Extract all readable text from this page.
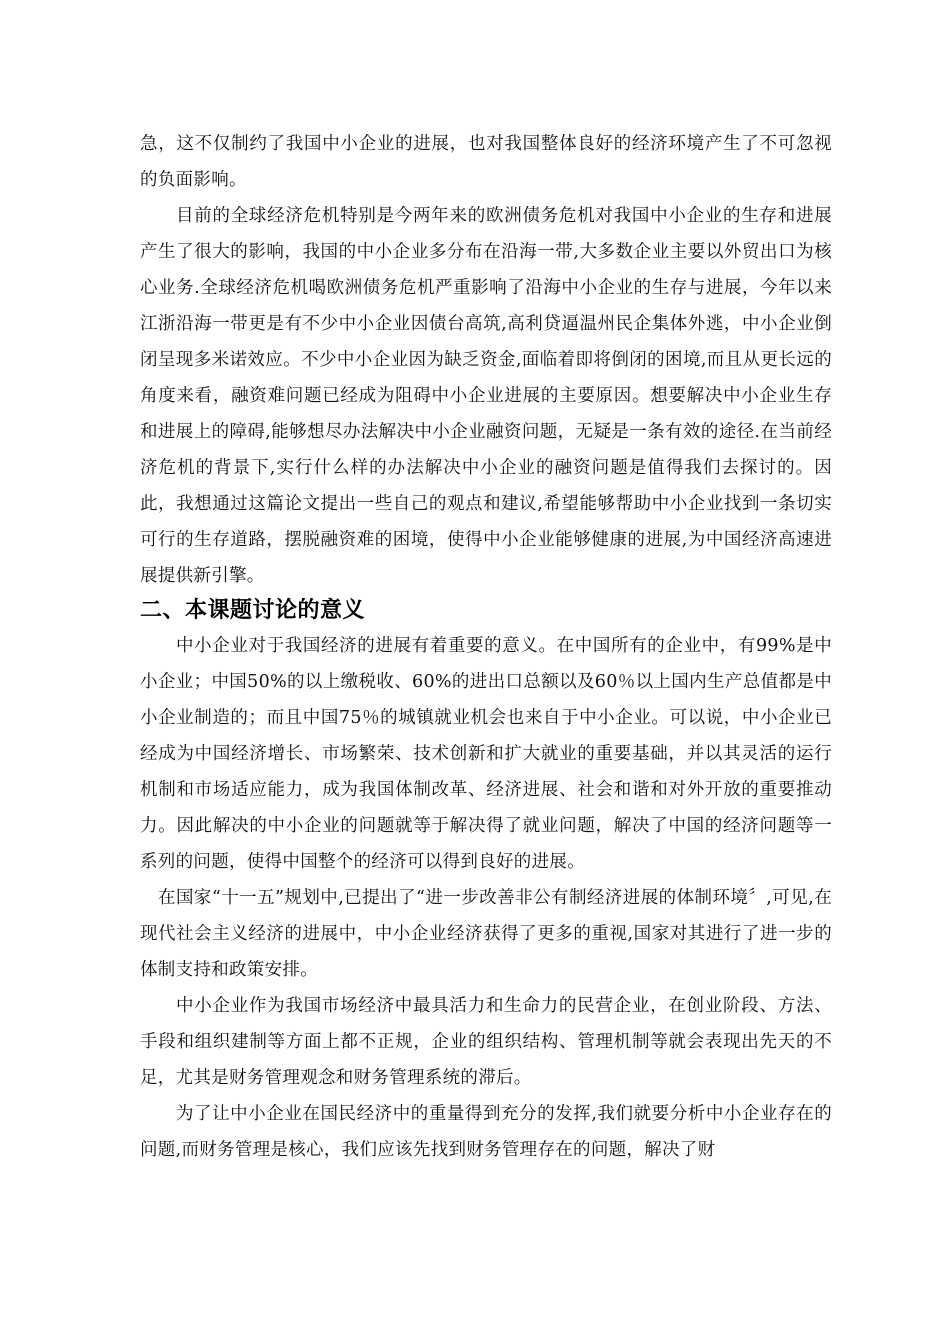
急，这不仅制约了我国中小企业的进展，也对我国整体良好的经济环境产生了不可忽视的负面影响。

目前的全球经济危机特别是今两年来的欧洲债务危机对我国中小企业的生存和进展产生了很大的影响，我国的中小企业多分布在沿海一带,大多数企业主要以外贸出口为核心业务.全球经济危机喝欧洲债务危机严重影响了沿海中小企业的生存与进展，今年以来江浙沿海一带更是有不少中小企业因债台高筑,高利贷逼温州民企集体外逃，中小企业倒闭呈现多米诺效应。不少中小企业因为缺乏资金,面临着即将倒闭的困境,而且从更长远的角度来看，融资难问题已经成为阻碍中小企业进展的主要原因。想要解决中小企业生存和进展上的障碍,能够想尽办法解决中小企业融资问题，无疑是一条有效的途径.在当前经济危机的背景下,实行什么样的办法解决中小企业的融资问题是值得我们去探讨的。因此，我想通过这篇论文提出一些自己的观点和建议,希望能够帮助中小企业找到一条切实可行的生存道路，摆脱融资难的困境，使得中小企业能够健康的进展,为中国经济高速进展提供新引擎。

二、本课题讨论的意义

中小企业对于我国经济的进展有着重要的意义。在中国所有的企业中，有99%是中小企业；中国50%的以上缴税收、60%的进出口总额以及60％以上国内生产总值都是中小企业制造的；而且中国75％的城镇就业机会也来自于中小企业。可以说，中小企业已经成为中国经济增长、市场繁荣、技术创新和扩大就业的重要基础，并以其灵活的运行机制和市场适应能力，成为我国体制改革、经济进展、社会和谐和对外开放的重要推动力。因此解决的中小企业的问题就等于解决得了就业问题，解决了中国的经济问题等一系列的问题，使得中国整个的经济可以得到良好的进展。

在国家“十一五”规划中,已提出了“进一步改善非公有制经济进展的体制环境〞,可见,在现代社会主义经济的进展中，中小企业经济获得了更多的重视,国家对其进行了进一步的体制支持和政策安排。

中小企业作为我国市场经济中最具活力和生命力的民营企业，在创业阶段、方法、手段和组织建制等方面上都不正规，企业的组织结构、管理机制等就会表现出先天的不足，尤其是财务管理观念和财务管理系统的滞后。

为了让中小企业在国民经济中的重量得到充分的发挥,我们就要分析中小企业存在的问题,而财务管理是核心，我们应该先找到财务管理存在的问题，解决了财
